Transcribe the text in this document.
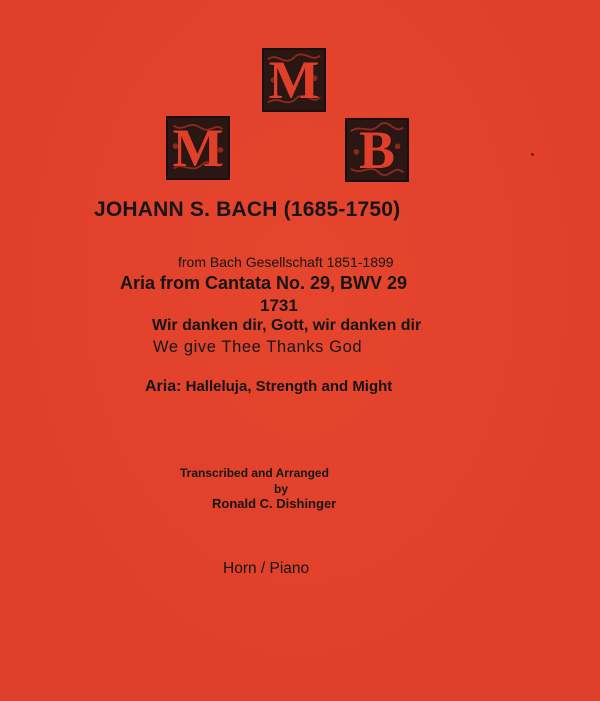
M
M	B
JOHANN S. BACH (1685-1750)
from Bach Gesellschaft 1851-1899
Aria from Cantata No. 29, BWV 29
1731
Wir danken dir, Gott, wir danken dir
We give Thee Thanks God
Aria: Halleluja, Strength and Might
Transcribed and Arranged
by
Ronald C. Dishinger
Horn / Piano
